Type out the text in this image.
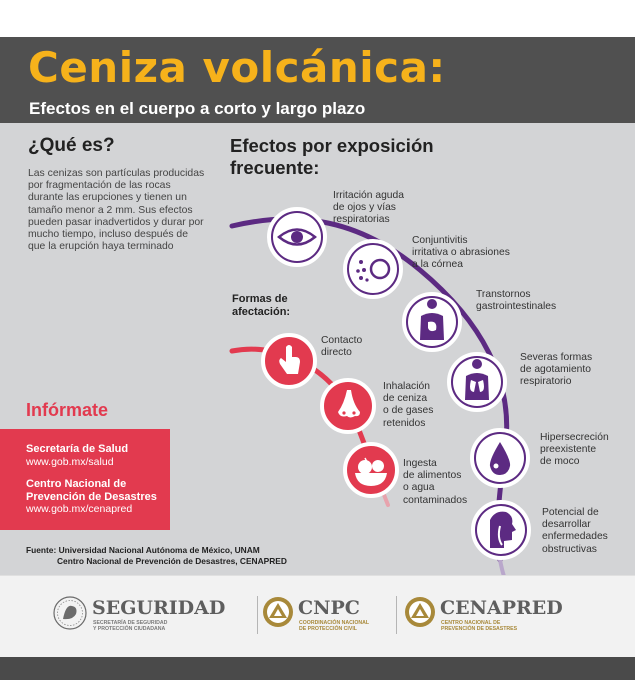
Ceniza volcánica:
Efectos en el cuerpo a corto y largo plazo
¿Qué es?
Las cenizas son partículas producidas por fragmentación de las rocas durante las erupciones y tienen un tamaño menor a 2 mm. Sus efectos pueden pasar inadvertidos y durar por mucho tiempo, incluso después de que la erupción haya terminado
Efectos por exposición frecuente:
Formas de afectación:
Irritación aguda
de ojos y vías
respiratorias
Conjuntivitis
irritativa o abrasiones
a la córnea
Transtornos
gastrointestinales
Severas formas
de agotamiento
respiratorio
Hipersecreción
preexistente
de moco
Potencial de
desarrollar
enfermedades
obstructivas
Contacto
directo
Inhalación
de ceniza
o de gases
retenidos
Ingesta
de alimentos
o agua
contaminados
Infórmate
Secretaría de Salud
www.gob.mx/salud
Centro Nacional de
Prevención de Desastres
www.gob.mx/cenapred
Fuente: Universidad Nacional Autónoma de México, UNAM
Centro Nacional de Prevención de Desastres, CENAPRED
SEGURIDAD
SECRETARÍA DE SEGURIDAD
Y PROTECCIÓN CIUDADANA
CNPC
COORDINACIÓN NACIONAL
DE PROTECCIÓN CIVIL
CENAPRED
CENTRO NACIONAL DE
PREVENCIÓN DE DESASTRES
